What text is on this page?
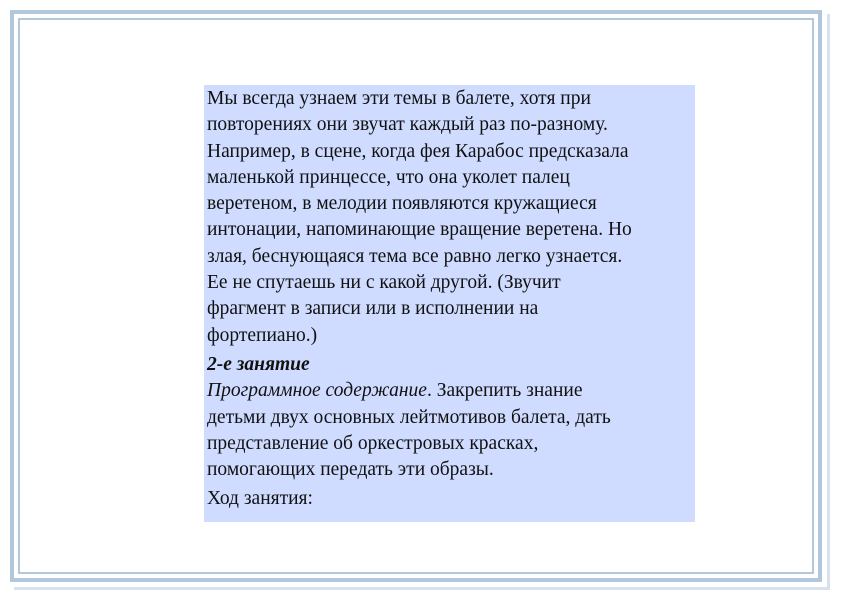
Мы всегда узнаем эти темы в балете, хотя при
повторениях они звучат каждый раз по-разному.
Например, в сцене, когда фея Карабос предсказала
маленькой принцессе, что она уколет палец
веретеном, в мелодии появляются кружащиеся
интонации, напоминающие вращение веретена. Но
злая, беснующаяся тема все равно легко узнается.
Ее не спутаешь ни с какой другой. (Звучит
фрагмент в записи или в исполнении на
фортепиано.)

2-е занятие
Программное содержание. Закрепить знание
детьми двух основных лейтмотивов балета, дать
представление об оркестровых красках,
помогающих передать эти образы.

Ход занятия:
